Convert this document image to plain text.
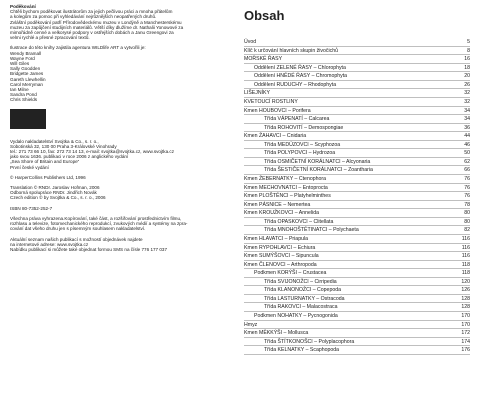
Poděkování
Chtěli bychom poděkovat ilustrátorům za jejich pečlivou práci a mnoha přátelům
a kolegům za pomoc při vyhledávání nejrůznějších neopatřených druhů.
Zvláštní poděkování patří Přírodovědeckému muzeu v Londýně a Manchesterskému
muzeu za zapůjčení studijních materiálů. Větší díky dlužíme dr. Nathalii Yonowové za
mimořádně cenné a velkorysé podpory v ostřejších dobách a Janu Greengovi za
velmi rychlé a přesné zpracování textů.
Ilustrace do této knihy zajistila agentura WILDlife ART a vytvořili je:
Wendy Bramall
Wayne Ford
Will Giles
Sally Goodden
Bridgette James
Gareth Llewhellin
Carol Merryman
Ian Milne
Sandra Pond
Chris Shields
Vydalo nakladatelství Svojtka & Co., s. r. o.,
Sobotinská 32, 130 00 Praha 3-Královské Vinohrady
tel.: 271 73 66 10, fax: 272 73 14 13, e-mail: svojtka@svojtka.cz, www.svojtka.cz
jako svou 1636. publikaci v roce 2006 z anglického vydání
„Sea Shore of Britain and Europe”
První české vydání
© HarperCollins Publishers Ltd, 1996
Translation © RNDr. Jaroslav Hofman, 2006
Odborná spolupráce RNDr. Jindřich Novák
Czech edition © by Svojtka & Co., s. r. o., 2006
ISBN 80-7352-252-7
Všechna práva vyhrazena.Kopírování, také část, a rozšiřování prostřednictvím filmu,
rozhlasu a televize, fotomechanického reprodukcí, zvukových médií a systémy na zpra-
cování dat všeho druhu jen s písemným souhlasem nakladatelství.
Aktuální seznam našich publikací s možností objednávek najdete
na internetové adrese: www.svojtka.cz
Nabídku publikací si můžete také objednat formou SMS na čísle 776 177 037
Obsah
Úvod	5
Klíč k určování hlavních skupin živočichů	8
MOŘSKÉ ŘASY	16
Oddělení ZELENÉ ŘASY – Chlorophyta	18
Oddělení HNĚDÉ ŘASY – Chromophyta	20
Oddělení RUDUCHY – Rhodophyta	26
LIŠEJNÍKY	32
KVETOUCÍ ROSTLINY	32
Kmen HOUBOVCI – Porifera	34
Třída VÁPENATÍ – Calcarea	34
Třída ROHOVITÍ – Demospongiae	36
Kmen ŽAHAVCI – Cnidaria	44
Třída MEDÚZOVCI – Scyphozoa	46
Třída POLYPOVCI – Hydrozoa	50
Třída OSMIČETNÍ KORÁLNATCI – Alcyonaria	62
Třída ŠESTIČETNÍ KORÁLNATCI – Zoantharia	66
Kmen ŽEBERNATKY – Ctenophora	76
Kmen MECHOVNATCI – Entoprocta	76
Kmen PLOŠTĚNCI – Platyhelminthes	76
Kmen PÁSNICE – Nemertea	78
Kmen KROUŽKOVCI – Annelida	80
Třída OPASKOVCI – Clitellata	80
Třída MNOHOŠTĚTINATCI – Polychaeta	82
Kmen HLAVATCI – Priapula	116
Kmen RYPOHLAVCI – Echiura	116
Kmen SUMÝŠOVCI – Sipuncula	116
Kmen ČLENOVCI – Arthropoda	118
Podkmen KORÝŠI – Crustacea	118
Třída SVIJONOŽCI – Cirripedia	120
Třída KLANONOŽCI – Copepoda	126
Třída LASTURNATKY – Ostracoda	128
Třída RAKOVCI – Malacostraca	128
Podkmen NOHATKY – Pycnogonida	170
Hmyz	170
Kmen MĚKKÝŠI – Mollusca	172
Třída ŠTÍTKONOŠCI – Polyplacophora	174
Třída KELNATKY – Scaphopoda	176
